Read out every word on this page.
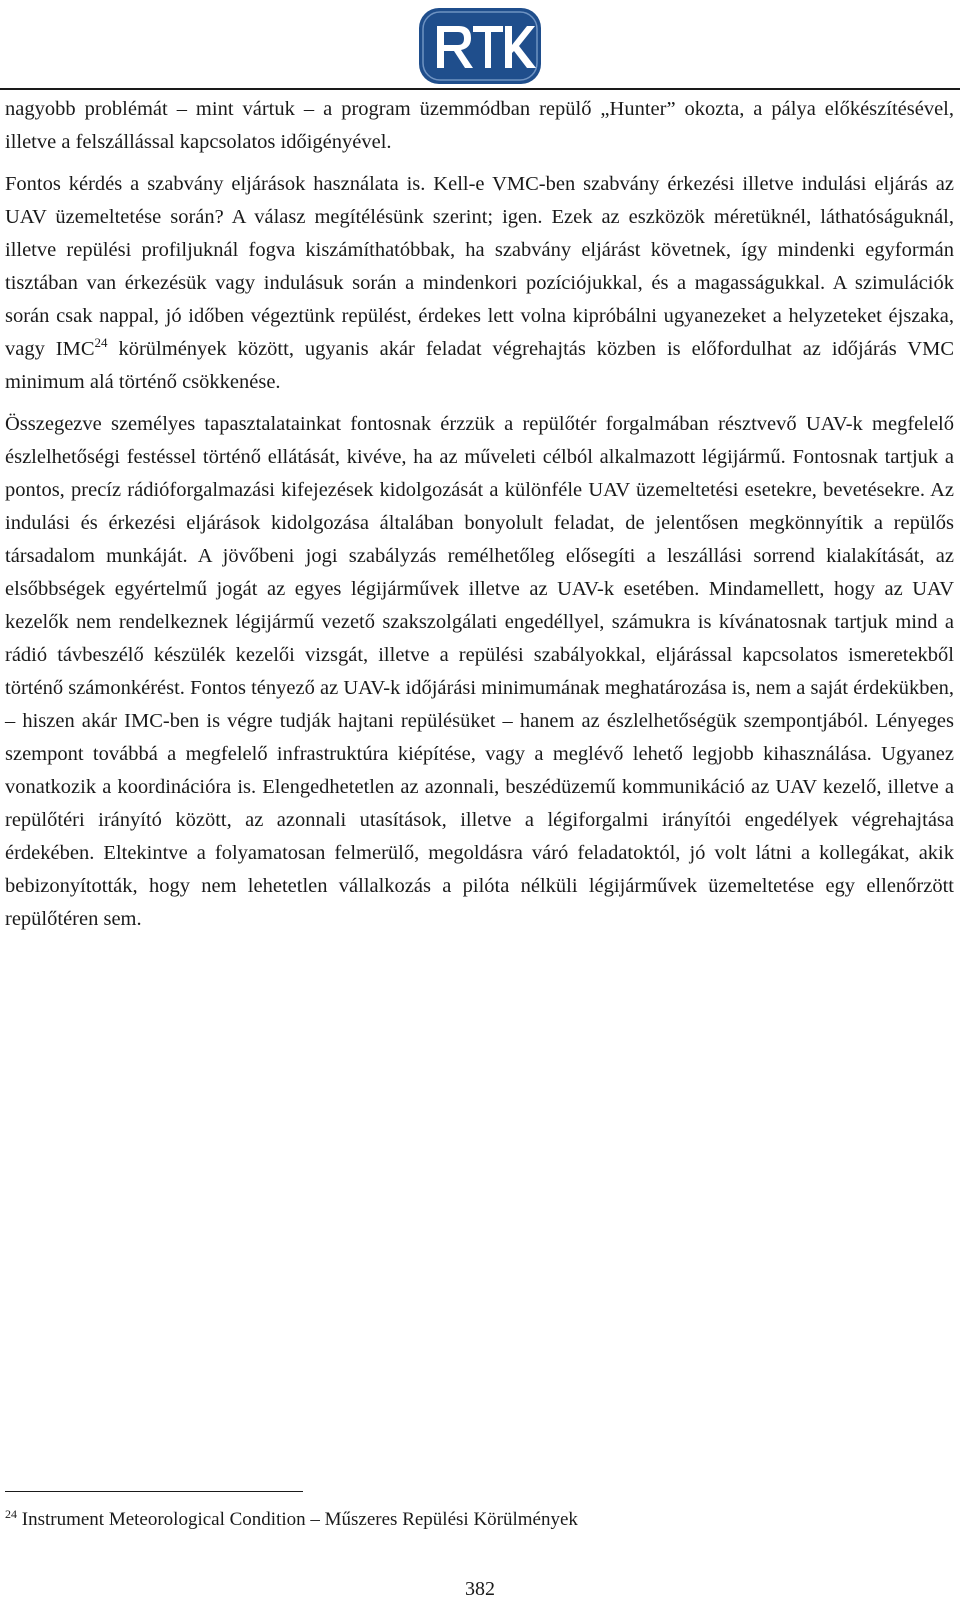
nagyobb problémát – mint vártuk – a program üzemmódban repülő „Hunter” okozta, a pálya előkészítésével, illetve a felszállással kapcsolatos időigényével.

Fontos kérdés a szabvány eljárások használata is. Kell-e VMC-ben szabvány érkezési illetve indulási eljárás az UAV üzemeltetése során? A válasz megítélésünk szerint; igen. Ezek az eszközök méretüknél, láthatóságuknál, illetve repülési profiljuknál fogva kiszámíthatóbbak, ha szabvány eljárást követnek, így mindenki egyformán tisztában van érkezésük vagy indulásuk során a mindenkori pozíciójukkal, és a magasságukkal. A szimulációk során csak nappal, jó időben végeztünk repülést, érdekes lett volna kipróbálni ugyanezeket a helyzeteket éjszaka, vagy IMC$^{24}$ körülmények között, ugyanis akár feladat végrehajtás közben is előfordulhat az időjárás VMC minimum alá történő csökkenése.

Összegezve személyes tapasztalatainkat fontosnak érzzük a repülőtér forgalmában résztvevő UAV-k megfelelő észlelhetőségi festéssel történő ellátását, kivéve, ha az műveleti célból alkalmazott légijármű. Fontosnak tartjuk a pontos, precíz rádióforgalmazási kifejezések kidolgozását a különféle UAV üzemeltetési esetekre, bevetésekre. Az indulási és érkezési eljárások kidolgozása általában bonyolult feladat, de jelentősen megkönnyítik a repülős társadalom munkáját. A jövőbeni jogi szabályzás remélhetőleg elősegíti a leszállási sorrend kialakítását, az elsőbbségek egyértelmű jogát az egyes légijárművek illetve az UAV-k esetében. Mindamellett, hogy az UAV kezelők nem rendelkeznek légijármű vezető szakszolgálati engedéllyel, számukra is kívánatosnak tartjuk mind a rádió távbeszélő készülék kezelői vizsgát, illetve a repülési szabályokkal, eljárással kapcsolatos ismeretekből történő számonkérést. Fontos tényező az UAV-k időjárási minimumának meghatározása is, nem a saját érdekükben, – hiszen akár IMC-ben is végre tudják hajtani repülésüket – hanem az észlelhetőségük szempontjából. Lényeges szempont továbbá a megfelelő infrastruktúra kiépítése, vagy a meglévő lehető legjobb kihasználása. Ugyanez vonatkozik a koordinációra is. Elengedhetetlen az azonnali, beszédüzemű kommunikáció az UAV kezelő, illetve a repülőtéri irányító között, az azonnali utasítások, illetve a légiforgalmi irányítói engedélyek végrehajtása érdekében. Eltekintve a folyamatosan felmerülő, megoldásra váró feladatoktól, jó volt látni a kollegákat, akik bebizonyították, hogy nem lehetetlen vállalkozás a pilóta nélküli légijárművek üzemeltetése egy ellenőrzött repülőtéren sem.

$^{24}$ Instrument Meteorological Condition – Műszeres Repülési Körülmények
382
